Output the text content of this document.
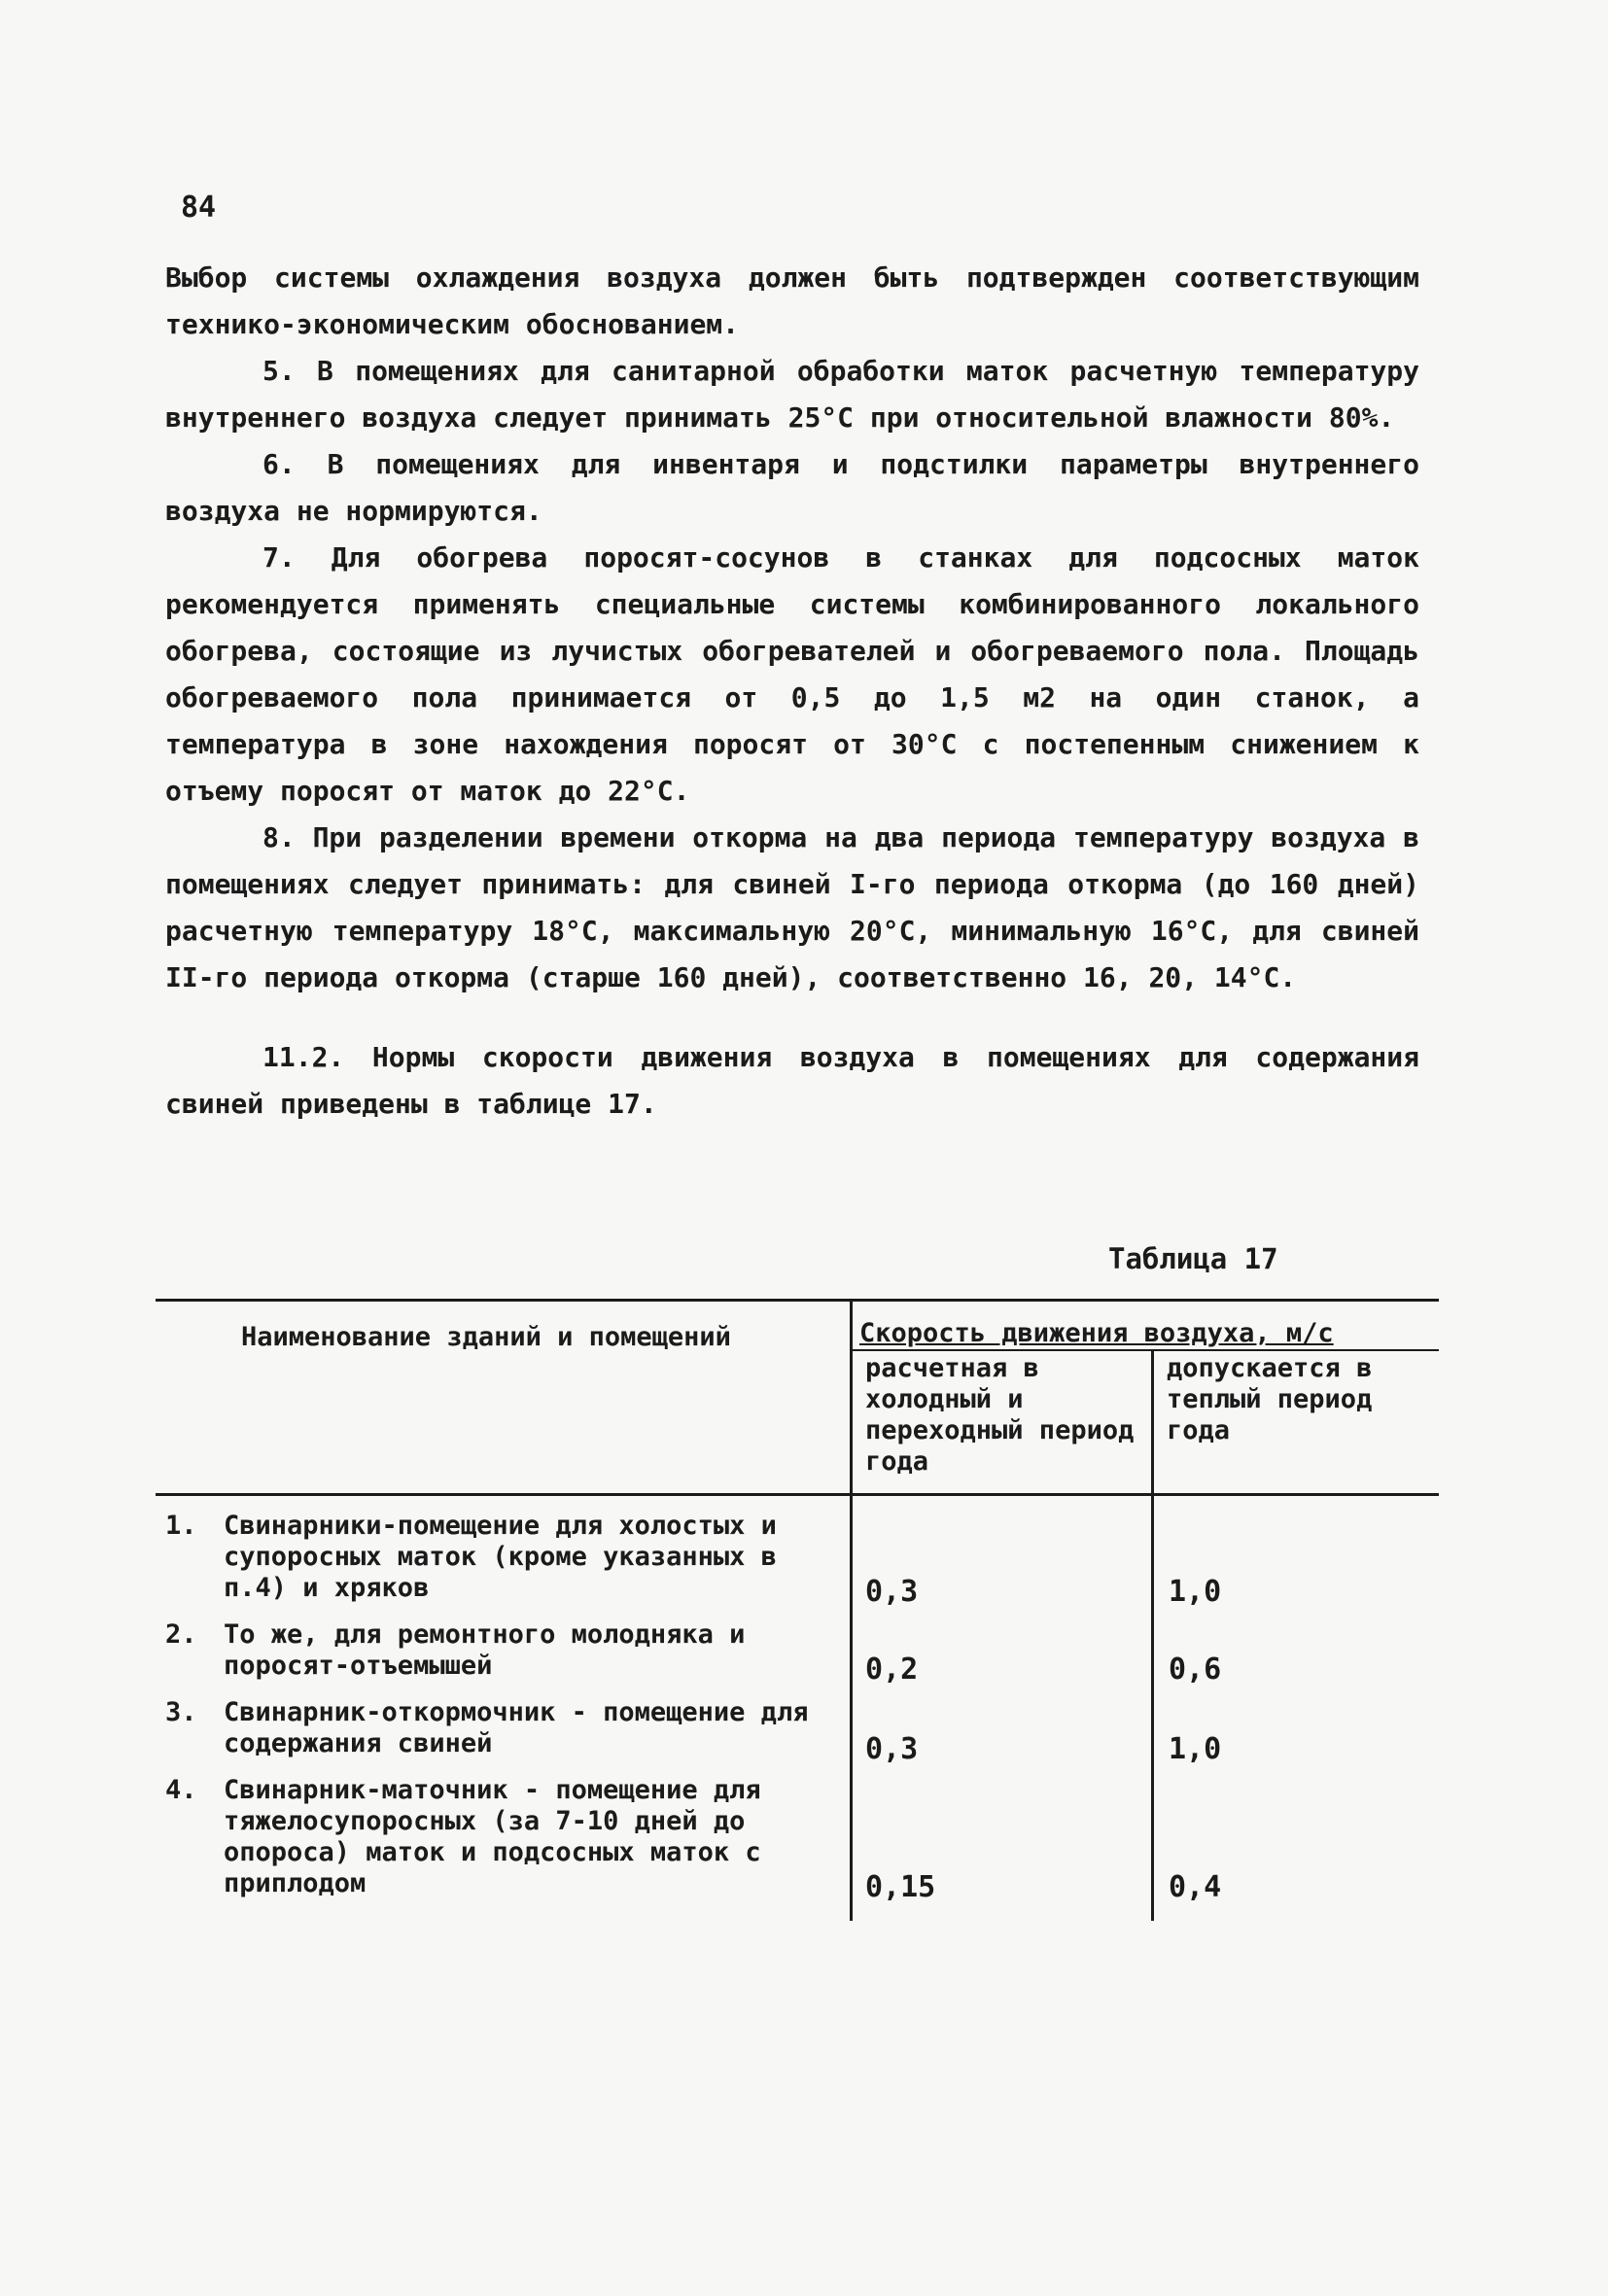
84

Выбор системы охлаждения воздуха должен быть подтвержден соответствующим технико-экономическим обоснованием.

5. В помещениях для санитарной обработки маток расчетную температуру внутреннего воздуха следует принимать 25°С при относительной влажности 80%.

6. В помещениях для инвентаря и подстилки параметры внутреннего воздуха не нормируются.

7. Для обогрева поросят-сосунов в станках для подсосных маток рекомендуется применять специальные системы комбинированного локального обогрева, состоящие из лучистых обогревателей и обогреваемого пола. Площадь обогреваемого пола принимается от 0,5 до 1,5 м2 на один станок, а температура в зоне нахождения поросят от 30°С с постепенным снижением к отъему поросят от маток до 22°С.

8. При разделении времени откорма на два периода температуру воздуха в помещениях следует принимать: для свиней I-го периода откорма (до 160 дней) расчетную температуру 18°С, максимальную 20°С, минимальную 16°С, для свиней II-го периода откорма (старше 160 дней), соответственно 16, 20, 14°С.

11.2. Нормы скорости движения воздуха в помещениях для содержания свиней приведены в таблице 17.

Таблица 17
Наименование зданий и помещений	Скорость движения воздуха, м/с
расчетная в холодный и переходный период года
допускается в теплый период года
1. Свинарники-помещение для холостых и супоросных маток (кроме указанных в п.4) и хряков	0,3	1,0
2. То же, для ремонтного молодняка и поросят-отъемышей	0,2	0,6
3. Свинарник-откормочник - помещение для содержания свиней	0,3	1,0
4. Свинарник-маточник - помещение для тяжелосупоросных (за 7-10 дней до опороса) маток и подсосных маток с приплодом	0,15	0,4
